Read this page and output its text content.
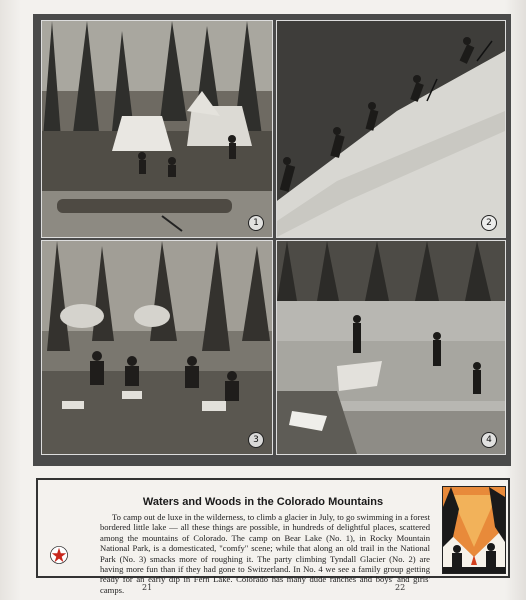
1	2
3	4
Waters and Woods in the Colorado Mountains
To camp out de luxe in the wilderness, to climb a glacier in July, to go swimming in a forest bordered little lake — all these things are possible, in hundreds of delightful places, scattered among the mountains of Colorado. The camp on Bear Lake (No. 1), in Rocky Mountain National Park, is a domesticated, "comfy" scene; while that along an old trail in the National Park (No. 3) smacks more of roughing it. The party climbing Tyndall Glacier (No. 2) are having more fun than if they had gone to Switzerland. In No. 4 we see a family group getting ready for an early dip in Fern Lake. Colorado has many dude ranches and boys' and girls' camps.	21	22
